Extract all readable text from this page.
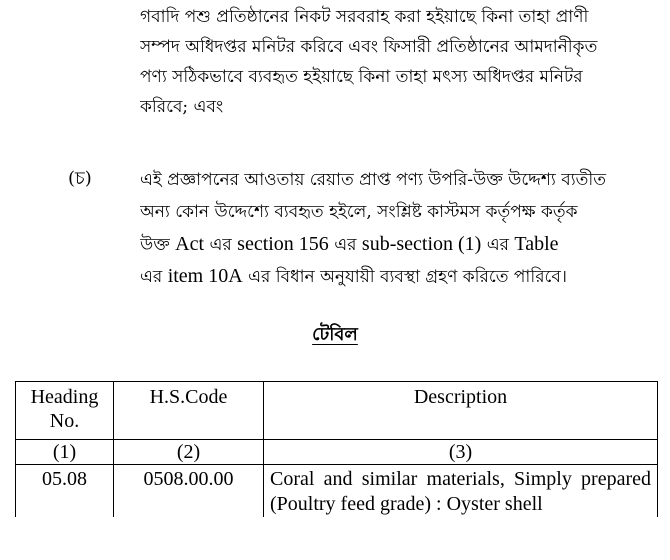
গবাদি পশু প্রতিষ্ঠানের নিকট সরবরাহ করা হইয়াছে কিনা তাহা প্রাণী
সম্পদ অধিদপ্তর মনিটর করিবে এবং ফিসারী প্রতিষ্ঠানের আমদানীকৃত
পণ্য সঠিকভাবে ব্যবহৃত হইয়াছে কিনা তাহা মৎস্য অধিদপ্তর মনিটর
করিবে; এবং
(চ)	এই প্রজ্ঞাপনের আওতায় রেয়াত প্রাপ্ত পণ্য উপরি-উক্ত উদ্দেশ্য ব্যতীত
অন্য কোন উদ্দেশ্যে ব্যবহৃত হইলে, সংশ্লিষ্ট কাস্টমস কর্তৃপক্ষ কর্তৃক
উক্ত Act এর section 156 এর sub-section (1) এর Table
এর item 10A এর বিধান অনুযায়ী ব্যবস্থা গ্রহণ করিতে পারিবে।
টেবিল
Heading No.	H.S.Code	Description
(1)	(2)	(3)
05.08	0508.00.00	Coral and similar materials, Simply prepared (Poultry feed grade) : Oyster shell
